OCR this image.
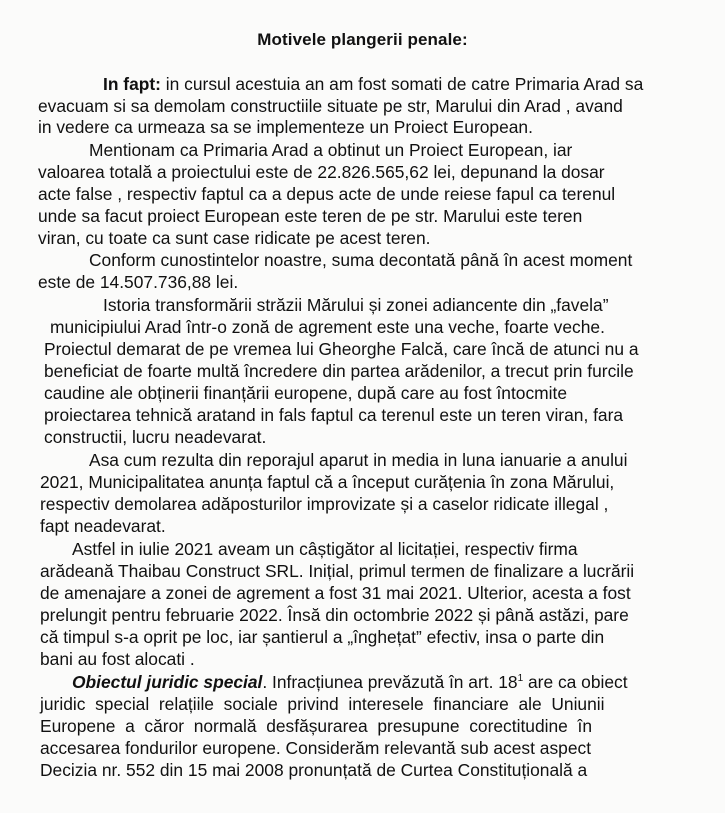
Motivele plangerii penale:
In fapt: in cursul acestuia an am fost somati de catre Primaria Arad sa
evacuam si sa demolam constructiile situate pe str, Marului din Arad , avand
in vedere ca urmeaza sa se implementeze un Proiect European.
Mentionam ca Primaria Arad a obtinut un Proiect European, iar
valoarea totală a proiectului este de 22.826.565,62 lei, depunand la dosar
acte false , respectiv faptul ca a depus acte de unde reiese fapul ca terenul
unde sa facut proiect European este teren de pe str. Marului este teren
viran, cu toate ca sunt case ridicate pe acest teren.
Conform cunostintelor noastre, suma decontată până în acest moment
este de 14.507.736,88 lei.
Istoria transformării străzii Mărului și zonei adiancente din „favela”
municipiului Arad într-o zonă de agrement este una veche, foarte veche.
Proiectul demarat de pe vremea lui Gheorghe Falcă, care încă de atunci nu a
beneficiat de foarte multă încredere din partea arădenilor, a trecut prin furcile
caudine ale obținerii finanțării europene, după care au fost întocmite
proiectarea tehnică aratand in fals faptul ca terenul este un teren viran, fara
constructii, lucru neadevarat.
Asa cum rezulta din reporajul aparut in media in luna ianuarie a anului
2021, Municipalitatea anunța faptul că a început curățenia în zona Mărului,
respectiv demolarea adăposturilor improvizate și a caselor ridicate illegal ,
fapt neadevarat.
Astfel in iulie 2021 aveam un câștigător al licitației, respectiv firma
arădeană Thaibau Construct SRL. Inițial, primul termen de finalizare a lucrării
de amenajare a zonei de agrement a fost 31 mai 2021. Ulterior, acesta a fost
prelungit pentru februarie 2022. Însă din octombrie 2022 și până astăzi, pare
că timpul s-a oprit pe loc, iar șantierul a „înghețat” efectiv, insa o parte din
bani au fost alocati .
Obiectul juridic special. Infracțiunea prevăzută în art. $18^1$ are ca obiect
juridic  special  relațiile  sociale  privind  interesele  financiare  ale  Uniunii
Europene  a  căror  normală  desfășurarea  presupune  corectitudine  în
accesarea fondurilor europene. Considerăm relevantă sub acest aspect
Decizia nr. 552 din 15 mai 2008 pronunțată de Curtea Constituțională a
